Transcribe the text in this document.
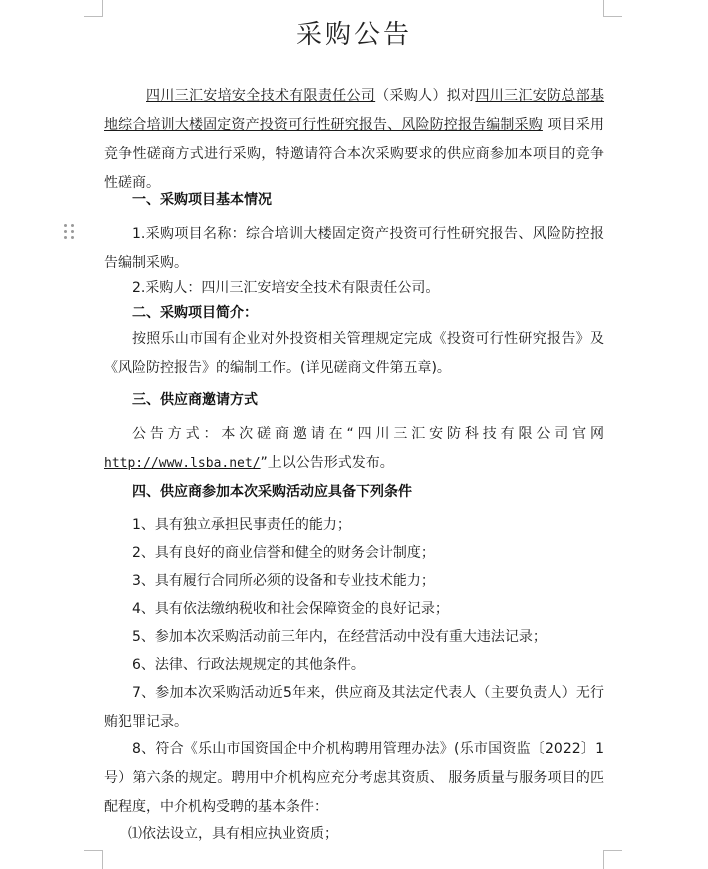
采购公告
四川三汇安培安全技术有限责任公司（采购人）拟对四川三汇安防总部基地综合培训大楼固定资产投资可行性研究报告、风险防控报告编制采购 项目采用竞争性磋商方式进行采购，特邀请符合本次采购要求的供应商参加本项目的竞争性磋商。
一、采购项目基本情况
1.采购项目名称：综合培训大楼固定资产投资可行性研究报告、风险防控报告编制采购。
2.采购人：四川三汇安培安全技术有限责任公司。
二、采购项目简介：
按照乐山市国有企业对外投资相关管理规定完成《投资可行性研究报告》及《风险防控报告》的编制工作。(详见磋商文件第五章)。
三、供应商邀请方式
公告方式：本次磋商邀请在“四川三汇安防科技有限公司官网http://www.lsba.net/”上以公告形式发布。
四、供应商参加本次采购活动应具备下列条件
1、具有独立承担民事责任的能力；
2、具有良好的商业信誉和健全的财务会计制度；
3、具有履行合同所必须的设备和专业技术能力；
4、具有依法缴纳税收和社会保障资金的良好记录；
5、参加本次采购活动前三年内，在经营活动中没有重大违法记录；
6、法律、行政法规规定的其他条件。
7、参加本次采购活动近5年来，供应商及其法定代表人（主要负责人）无行贿犯罪记录。
8、符合《乐山市国资国企中介机构聘用管理办法》(乐市国资监〔2022〕1号）第六条的规定。聘用中介机构应充分考虑其资质、 服务质量与服务项目的匹配程度，中介机构受聘的基本条件：
⑴依法设立，具有相应执业资质；
